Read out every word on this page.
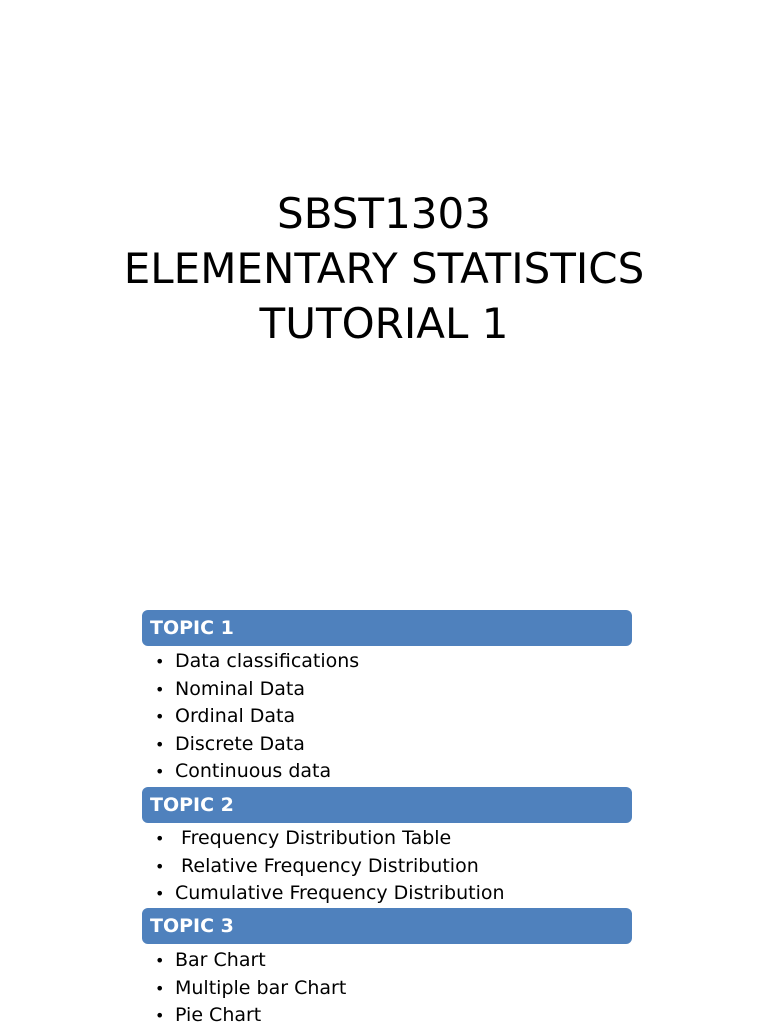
SBST1303
ELEMENTARY STATISTICS
TUTORIAL 1
TOPIC 1
• Data classifications
• Nominal Data
• Ordinal Data
• Discrete Data
• Continuous data
TOPIC 2
• Frequency Distribution Table
• Relative Frequency Distribution
• Cumulative Frequency Distribution
TOPIC 3
• Bar Chart
• Multiple bar Chart
• Pie Chart
